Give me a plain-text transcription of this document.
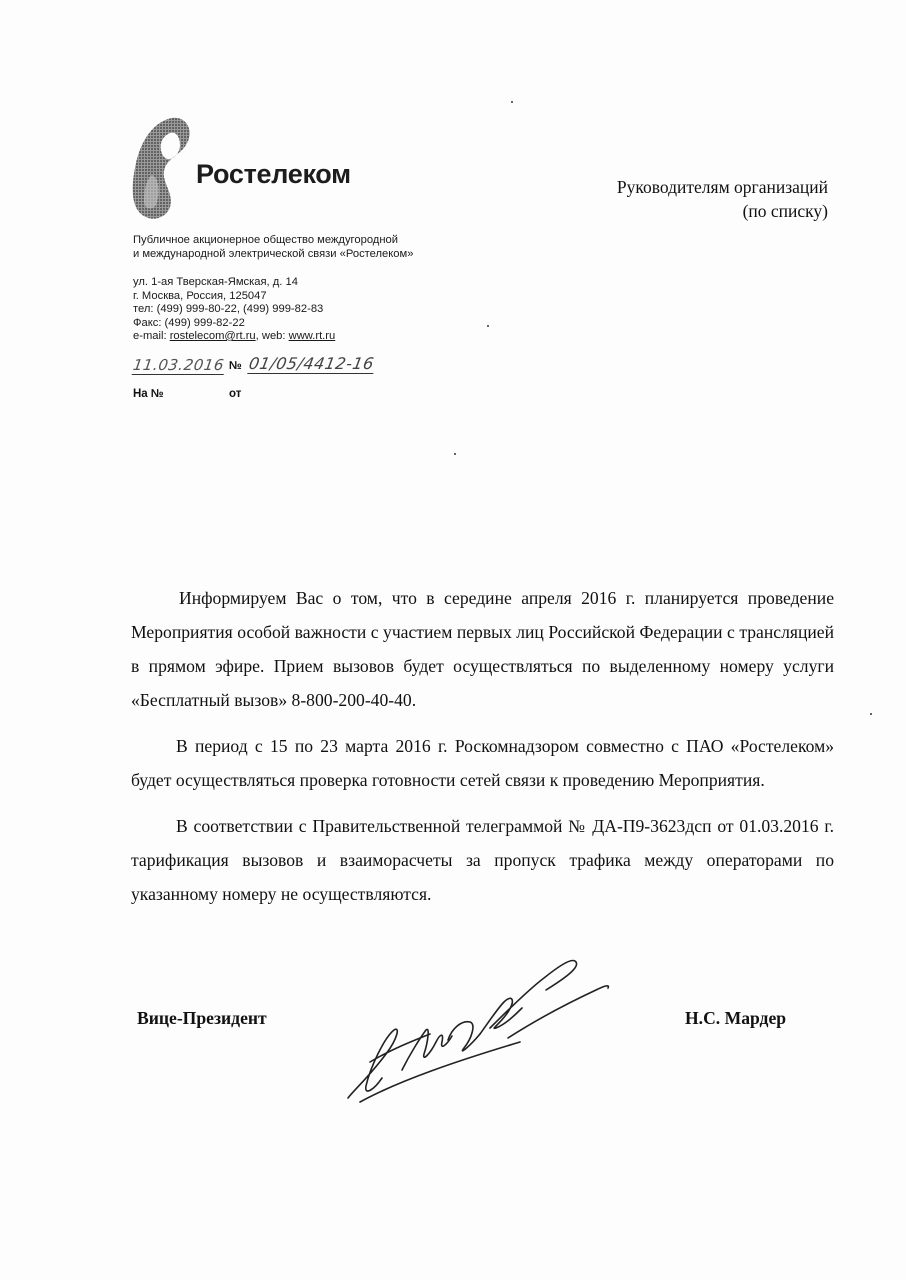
Ростелеком
Публичное акционерное общество междугородной
и международной электрической связи «Ростелеком»
ул. 1-ая Тверская-Ямская, д. 14
г. Москва, Россия, 125047
тел: (499) 999-80-22, (499) 999-82-83
Факс: (499) 999-82-22
e-mail: rostelecom@rt.ru, web: www.rt.ru
11.03.2016 № 01/05/4412-16
На №	от
Руководителям организаций
(по списку)

Информируем Вас о том, что в середине апреля 2016 г. планируется проведение Мероприятия особой важности с участием первых лиц Российской Федерации с трансляцией в прямом эфире. Прием вызовов будет осуществляться по выделенному номеру услуги «Бесплатный вызов» 8-800-200-40-40.

В период с 15 по 23 марта 2016 г. Роскомнадзором совместно с ПАО «Ростелеком» будет осуществляться проверка готовности сетей связи к проведению Мероприятия.

В соответствии с Правительственной телеграммой № ДА-П9-3623дсп от 01.03.2016 г. тарификация вызовов и взаиморасчеты за пропуск трафика между операторами по указанному номеру не осуществляются.

Вице-Президент	Н.С. Мардер
